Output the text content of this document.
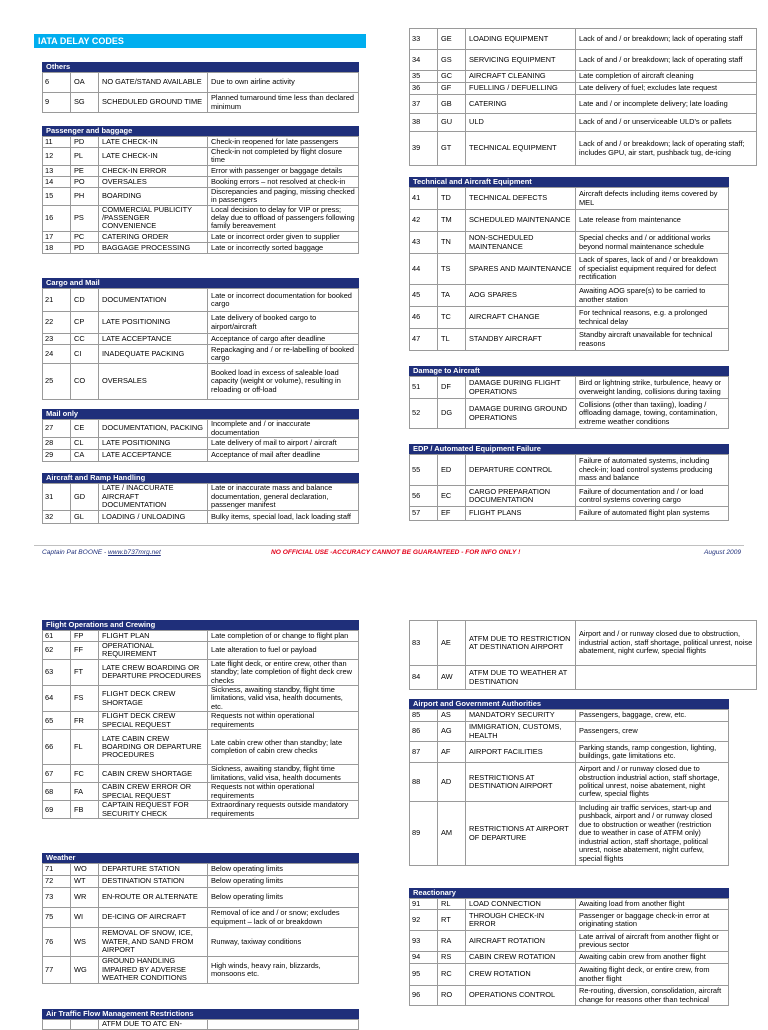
IATA DELAY CODES
Others
6	OA	NO GATE/STAND AVAILABLE	Due to own airline activity
9	SG	SCHEDULED GROUND TIME	Planned turnaround time less than declared minimum
Passenger and baggage
11	PD	LATE CHECK-IN	Check-in reopened for late passengers
12	PL	LATE CHECK-IN	Check-in not completed by flight closure time
13	PE	CHECK-IN ERROR	Error with passenger or baggage details
14	PO	OVERSALES	Booking errors – not resolved at check-in
15	PH	BOARDING	Discrepancies and paging, missing checked in passengers
16	PS	COMMERCIAL PUBLICITY /PASSENGER CONVENIENCE	Local decision to delay for VIP or press; delay due to offload of passengers following family bereavement
17	PC	CATERING ORDER	Late or incorrect order given to supplier
18	PD	BAGGAGE PROCESSING	Late or incorrectly sorted baggage
Cargo and Mail
21	CD	DOCUMENTATION	Late or incorrect documentation for booked cargo
22	CP	LATE POSITIONING	Late delivery of booked cargo to airport/aircraft
23	CC	LATE ACCEPTANCE	Acceptance of cargo after deadline
24	CI	INADEQUATE PACKING	Repackaging and / or re-labelling of booked cargo
25	CO	OVERSALES	Booked load in excess of saleable load capacity (weight or volume), resulting in reloading or off-load
Mail only
27	CE	DOCUMENTATION, PACKING	Incomplete and / or inaccurate documentation
28	CL	LATE POSITIONING	Late delivery of mail to airport / aircraft
29	CA	LATE ACCEPTANCE	Acceptance of mail after deadline
Aircraft and Ramp Handling
31	GD	LATE / INACCURATE AIRCRAFT DOCUMENTATION	Late or inaccurate mass and balance documentation, general declaration, passenger manifest
32	GL	LOADING / UNLOADING	Bulky items, special load, lack loading staff
33	GE	LOADING EQUIPMENT	Lack of and / or breakdown; lack of operating staff
34	GS	SERVICING EQUIPMENT	Lack of and / or breakdown; lack of operating staff
35	GC	AIRCRAFT CLEANING	Late completion of aircraft cleaning
36	GF	FUELLING / DEFUELLING	Late delivery of fuel; excludes late request
37	GB	CATERING	Late and / or incomplete delivery; late loading
38	GU	ULD	Lack of and / or unserviceable ULD's or pallets
39	GT	TECHNICAL EQUIPMENT	Lack of and / or breakdown; lack of operating staff; includes GPU, air start, pushback tug, de-icing
Technical and Aircraft Equipment
41	TD	TECHNICAL DEFECTS	Aircraft defects including items covered by MEL
42	TM	SCHEDULED MAINTENANCE	Late release from maintenance
43	TN	NON-SCHEDULED MAINTENANCE	Special checks and / or additional works beyond normal maintenance schedule
44	TS	SPARES AND MAINTENANCE	Lack of spares, lack of and / or breakdown of specialist equipment required for defect rectification
45	TA	AOG SPARES	Awaiting AOG spare(s) to be carried to another station
46	TC	AIRCRAFT CHANGE	For technical reasons, e.g. a prolonged technical delay
47	TL	STANDBY AIRCRAFT	Standby aircraft unavailable for technical reasons
Damage to Aircraft
51	DF	DAMAGE DURING FLIGHT OPERATIONS	Bird or lightning strike, turbulence, heavy or overweight landing, collisions during taxiing
52	DG	DAMAGE DURING GROUND OPERATIONS	Collisions (other than taxiing), loading / offloading damage, towing, contamination, extreme weather conditions
EDP / Automated Equipment Failure
55	ED	DEPARTURE CONTROL	Failure of automated systems, including check-in; load control systems producing mass and balance
56	EC	CARGO PREPARATION DOCUMENTATION	Failure of documentation and / or load control systems covering cargo
57	EF	FLIGHT PLANS	Failure of automated flight plan systems
Captain Pat BOONE - www.b737mrg.net	NO OFFICIAL USE -ACCURACY CANNOT BE GUARANTEED - FOR INFO ONLY !	August 2009
Flight Operations and Crewing
61	FP	FLIGHT PLAN	Late completion of or change to flight plan
62	FF	OPERATIONAL REQUIREMENT	Late alteration to fuel or payload
63	FT	LATE CREW BOARDING OR DEPARTURE PROCEDURES	Late flight deck, or entire crew, other than standby; late completion of flight deck crew checks
64	FS	FLIGHT DECK CREW SHORTAGE	Sickness, awaiting standby, flight time limitations, valid visa, health documents, etc.
65	FR	FLIGHT DECK CREW SPECIAL REQUEST	Requests not within operational requirements
66	FL	LATE CABIN CREW BOARDING OR DEPARTURE PROCEDURES	Late cabin crew other than standby; late completion of cabin crew checks
67	FC	CABIN CREW SHORTAGE	Sickness, awaiting standby, flight time limitations, valid visa, health documents
68	FA	CABIN CREW ERROR OR SPECIAL REQUEST	Requests not within operational requirements
69	FB	CAPTAIN REQUEST FOR SECURITY CHECK	Extraordinary requests outside mandatory requirements
Weather
71	WO	DEPARTURE STATION	Below operating limits
72	WT	DESTINATION STATION	Below operating limits
73	WR	EN-ROUTE OR ALTERNATE	Below operating limits
75	WI	DE-ICING OF AIRCRAFT	Removal of ice and / or snow; excludes equipment – lack of or breakdown
76	WS	REMOVAL OF SNOW, ICE, WATER, AND SAND FROM AIRPORT	Runway, taxiway conditions
77	WG	GROUND HANDLING IMPAIRED BY ADVERSE WEATHER CONDITIONS	High winds, heavy rain, blizzards, monsoons etc.
Air Traffic Flow Management Restrictions
		ATFM DUE TO ATC EN-	
83	AE	ATFM DUE TO RESTRICTION AT DESTINATION AIRPORT	Airport and / or runway closed due to obstruction, industrial action, staff shortage, political unrest, noise abatement, night curfew, special flights
84	AW	ATFM DUE TO WEATHER AT DESTINATION	
Airport and Government Authorities
85	AS	MANDATORY SECURITY	Passengers, baggage, crew, etc.
86	AG	IMMIGRATION, CUSTOMS, HEALTH	Passengers, crew
87	AF	AIRPORT FACILITIES	Parking stands, ramp congestion, lighting, buildings, gate limitations etc.
88	AD	RESTRICTIONS AT DESTINATION AIRPORT	Airport and / or runway closed due to obstruction industrial action, staff shortage, political unrest, noise abatement, night curfew, special flights
89	AM	RESTRICTIONS AT AIRPORT OF DEPARTURE	Including air traffic services, start-up and pushback, airport and / or runway closed due to obstruction or weather (restriction due to weather in case of ATFM only) industrial action, staff shortage, political unrest, noise abatement, night curfew, special flights
Reactionary
91	RL	LOAD CONNECTION	Awaiting load from another flight
92	RT	THROUGH CHECK-IN ERROR	Passenger or baggage check-in error at originating station
93	RA	AIRCRAFT ROTATION	Late arrival of aircraft from another flight or previous sector
94	RS	CABIN CREW ROTATION	Awaiting cabin crew from another flight
95	RC	CREW ROTATION	Awaiting flight deck, or entire crew, from another flight
96	RO	OPERATIONS CONTROL	Re-routing, diversion, consolidation, aircraft change for reasons other than technical
